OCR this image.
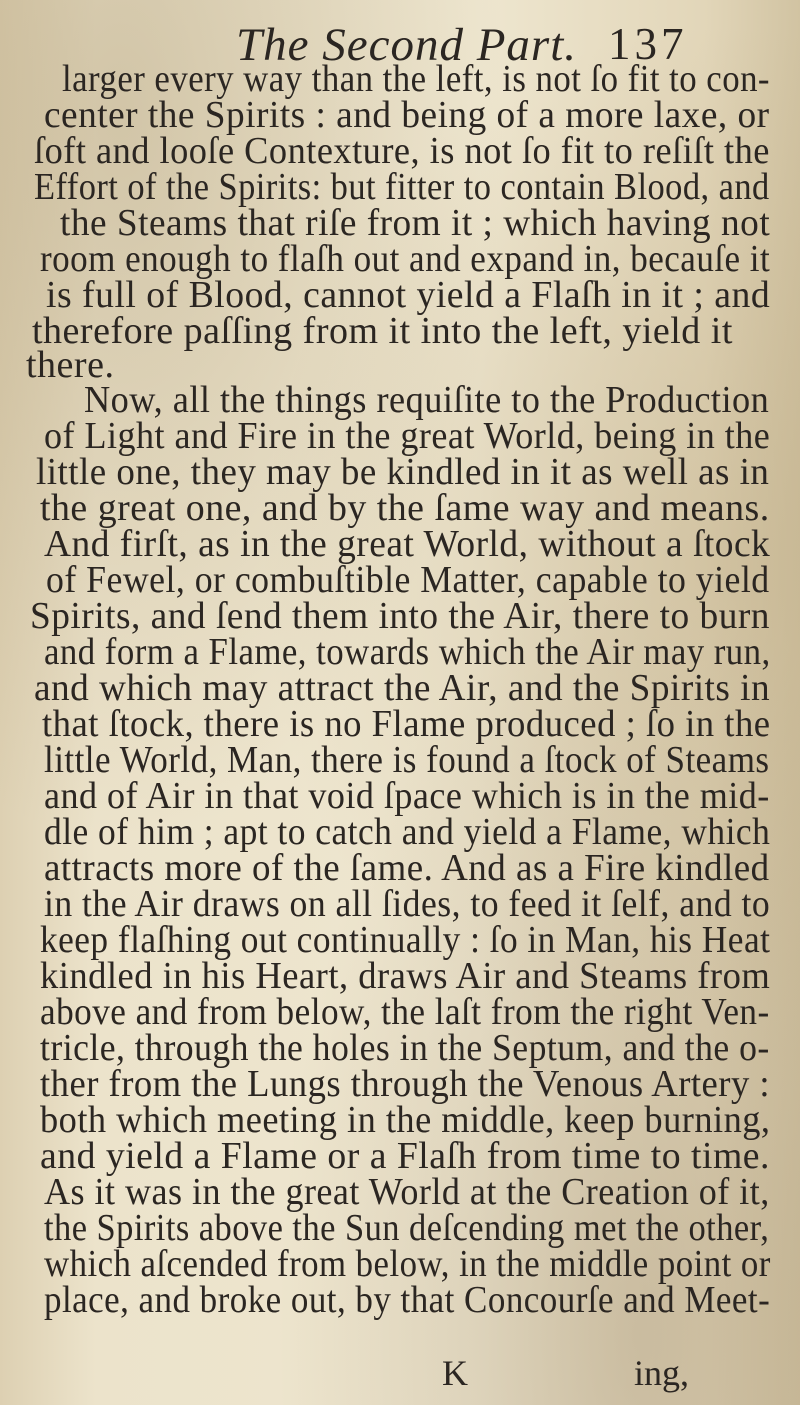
The Second Part. 137
larger every way than the left, is not ſo fit to con-
center the Spirits : and being of a more laxe, or
ſoft and looſe Contexture, is not ſo fit to reſiſt the
Effort of the Spirits: but fitter to contain Blood, and
the Steams that riſe from it ; which having not
room enough to flaſh out and expand in, becauſe it
is full of Blood, cannot yield a Flaſh in it ; and
therefore paſſing from it into the left, yield it
there.
Now, all the things requiſite to the Production
of Light and Fire in the great World, being in the
little one, they may be kindled in it as well as in
the great one, and by the ſame way and means.
And firſt, as in the great World, without a ſtock
of Fewel, or combuſtible Matter, capable to yield
Spirits, and ſend them into the Air, there to burn
and form a Flame, towards which the Air may run,
and which may attract the Air, and the Spirits in
that ſtock, there is no Flame produced ; ſo in the
little World, Man, there is found a ſtock of Steams
and of Air in that void ſpace which is in the mid-
dle of him ; apt to catch and yield a Flame, which
attracts more of the ſame. And as a Fire kindled
in the Air draws on all ſides, to feed it ſelf, and to
keep flaſhing out continually : ſo in Man, his Heat
kindled in his Heart, draws Air and Steams from
above and from below, the laſt from the right Ven-
tricle, through the holes in the Septum, and the o-
ther from the Lungs through the Venous Artery :
both which meeting in the middle, keep burning,
and yield a Flame or a Flaſh from time to time.
As it was in the great World at the Creation of it,
the Spirits above the Sun deſcending met the other,
which aſcended from below, in the middle point or
place, and broke out, by that Concourſe and Meet-
K	ing,
